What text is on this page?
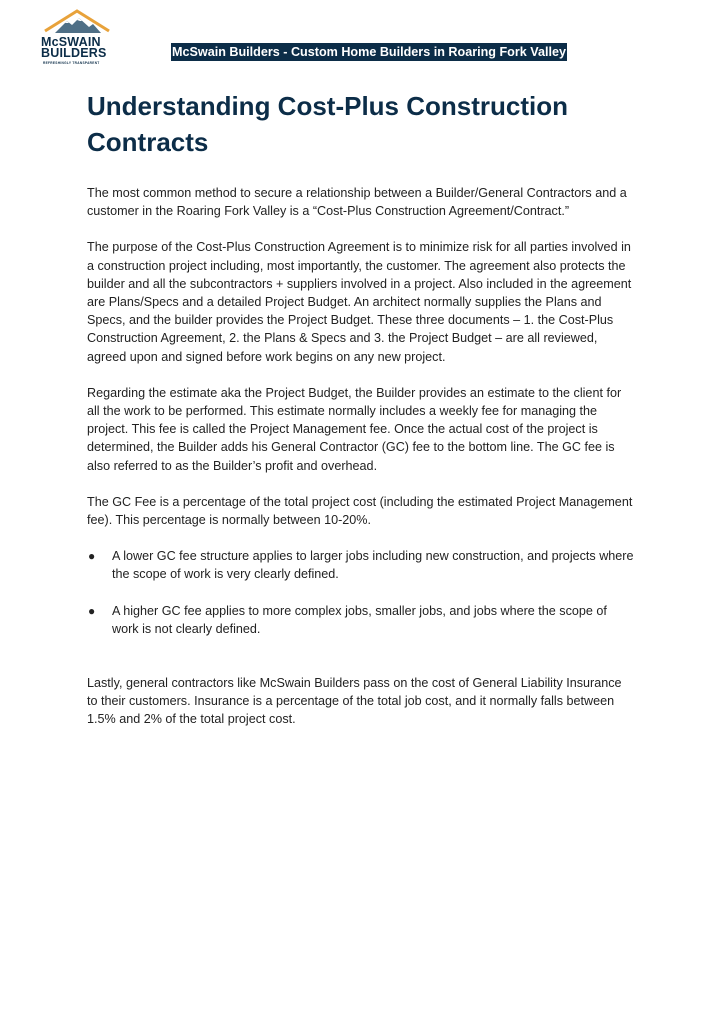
McSWAIN
BUILDERS
REFRESHINGLY TRANSPARENT
McSwain Builders - Custom Home Builders in Roaring Fork Valley
Understanding Cost-Plus Construction Contracts

The most common method to secure a relationship between a Builder/General Contractors and a customer in the Roaring Fork Valley is a “Cost-Plus Construction Agreement/Contract.”

The purpose of the Cost-Plus Construction Agreement is to minimize risk for all parties involved in a construction project including, most importantly, the customer. The agreement also protects the builder and all the subcontractors + suppliers involved in a project. Also included in the agreement are Plans/Specs and a detailed Project Budget. An architect normally supplies the Plans and Specs, and the builder provides the Project Budget. These three documents – 1. the Cost-Plus Construction Agreement, 2. the Plans & Specs and 3. the Project Budget – are all reviewed, agreed upon and signed before work begins on any new project.

Regarding the estimate aka the Project Budget, the Builder provides an estimate to the client for all the work to be performed. This estimate normally includes a weekly fee for managing the project. This fee is called the Project Management fee. Once the actual cost of the project is determined, the Builder adds his General Contractor (GC) fee to the bottom line. The GC fee is also referred to as the Builder’s profit and overhead.

The GC Fee is a percentage of the total project cost (including the estimated Project Management fee). This percentage is normally between 10-20%.

● A lower GC fee structure applies to larger jobs including new construction, and projects where the scope of work is very clearly defined.
● A higher GC fee applies to more complex jobs, smaller jobs, and jobs where the scope of work is not clearly defined.

Lastly, general contractors like McSwain Builders pass on the cost of General Liability Insurance to their customers. Insurance is a percentage of the total job cost, and it normally falls between 1.5% and 2% of the total project cost.
